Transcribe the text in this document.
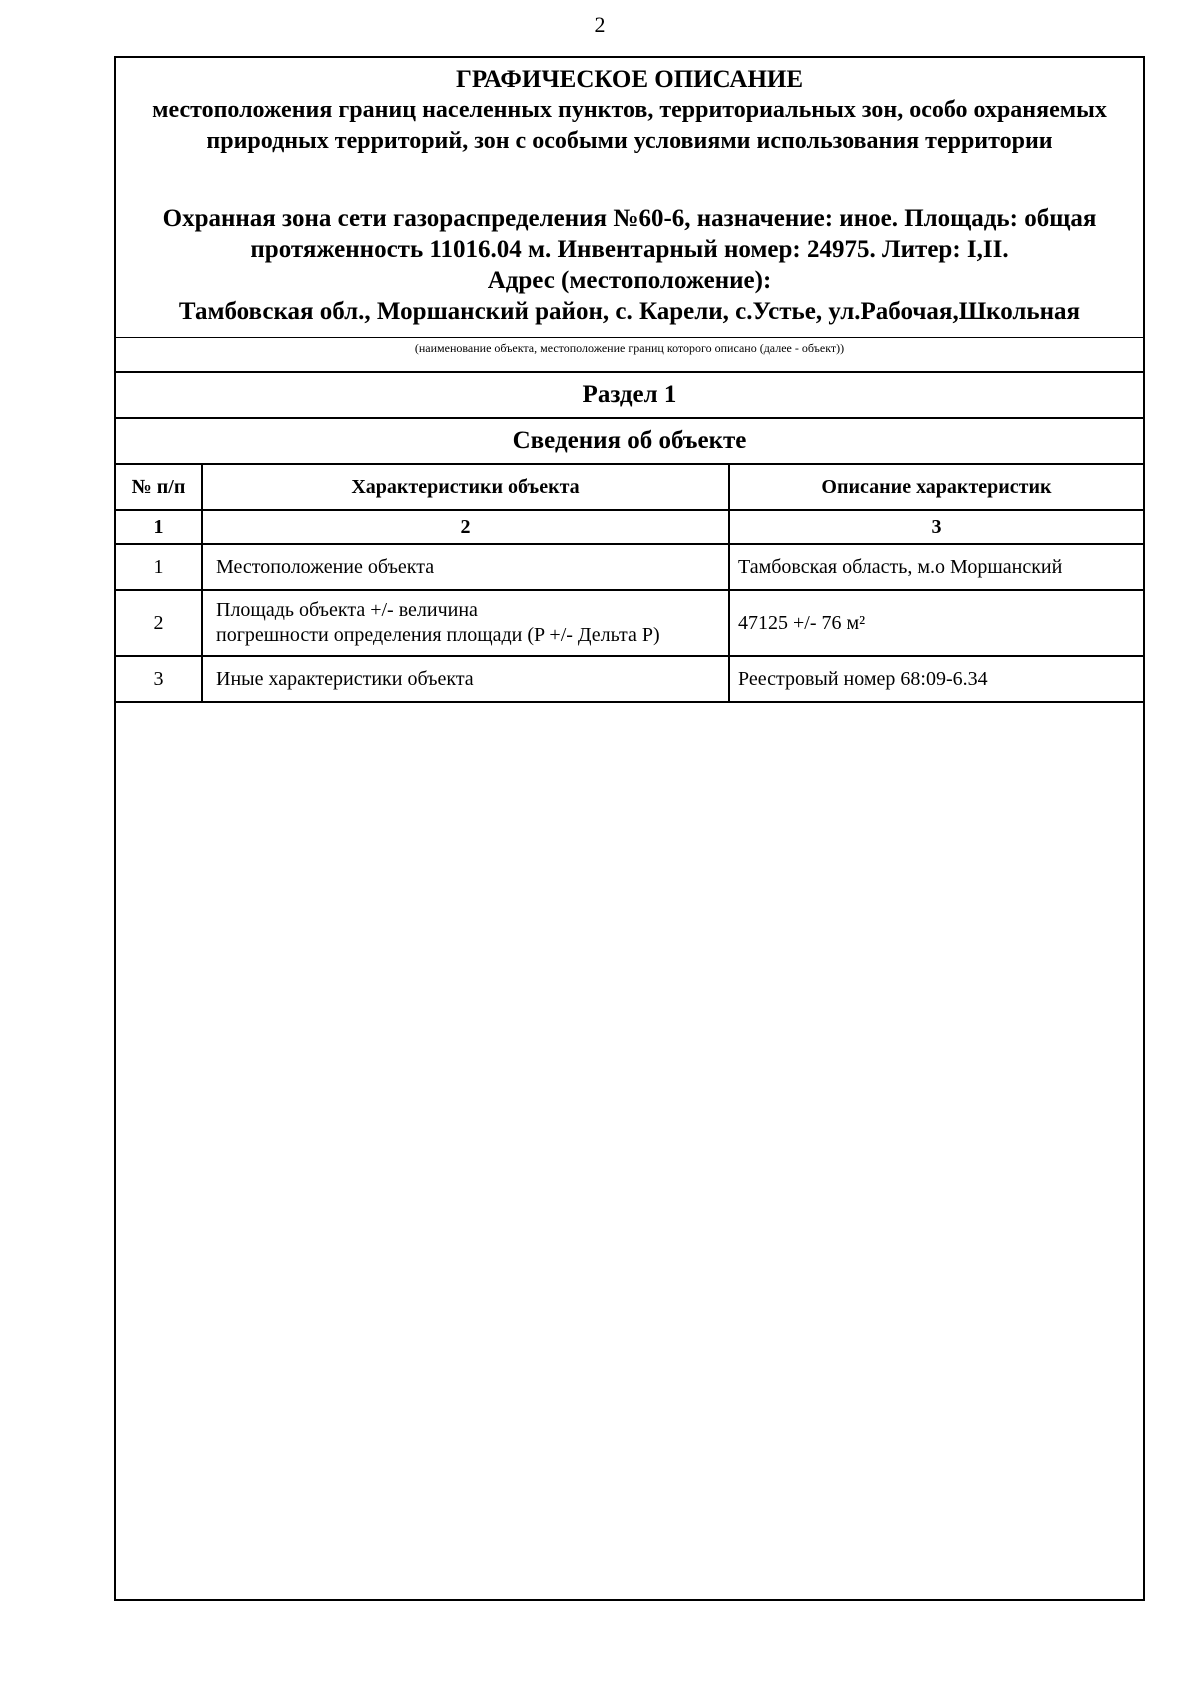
2
ГРАФИЧЕСКОЕ ОПИСАНИЕ
местоположения границ населенных пунктов, территориальных зон, особо охраняемых природных территорий, зон с особыми условиями использования территории
Охранная зона сети газораспределения №60-6, назначение: иное. Площадь: общая
протяженность 11016.04 м. Инвентарный номер: 24975. Литер: I,II.
Адрес (местоположение):
Тамбовская обл., Моршанский район, с. Карели, с.Устье, ул.Рабочая,Школьная
(наименование объекта, местоположение границ которого описано (далее - объект))
Раздел 1
Сведения об объекте
№ п/п	Характеристики объекта	Описание характеристик
1	2	3
1	Местоположение объекта	Тамбовская область, м.о Моршанский
2	Площадь объекта +/- величина
погрешности определения площади (P +/- Дельта P)	47125 +/- 76 м²
3	Иные характеристики объекта	Реестровый номер 68:09-6.34
